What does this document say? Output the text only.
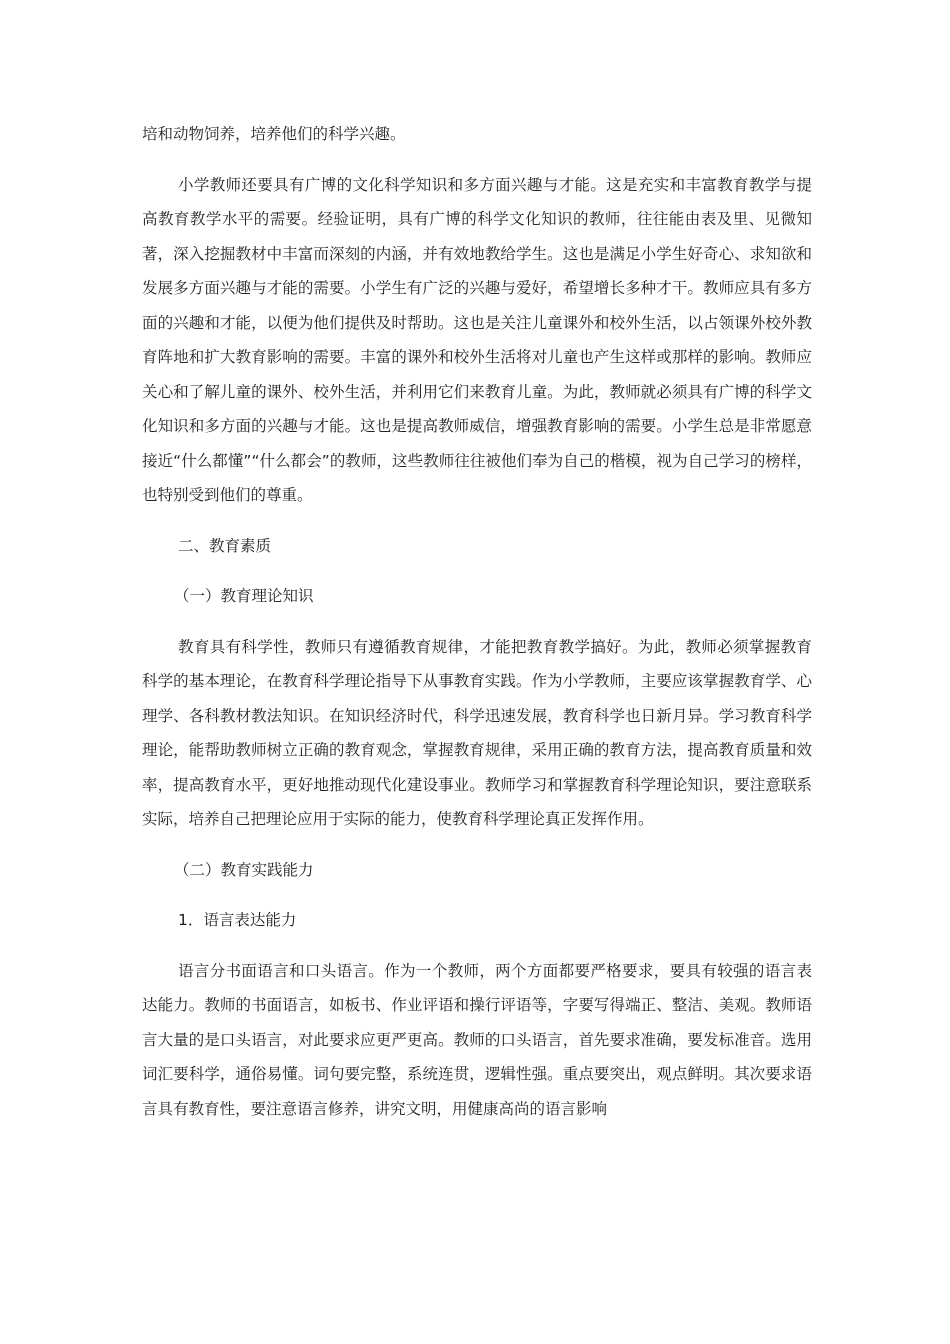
培和动物饲养，培养他们的科学兴趣。

小学教师还要具有广博的文化科学知识和多方面兴趣与才能。这是充实和丰富教育教学与提高教育教学水平的需要。经验证明，具有广博的科学文化知识的教师，往往能由表及里、见微知著，深入挖掘教材中丰富而深刻的内涵，并有效地教给学生。这也是满足小学生好奇心、求知欲和发展多方面兴趣与才能的需要。小学生有广泛的兴趣与爱好，希望增长多种才干。教师应具有多方面的兴趣和才能，以便为他们提供及时帮助。这也是关注儿童课外和校外生活，以占领课外校外教育阵地和扩大教育影响的需要。丰富的课外和校外生活将对儿童也产生这样或那样的影响。教师应关心和了解儿童的课外、校外生活，并利用它们来教育儿童。为此，教师就必须具有广博的科学文化知识和多方面的兴趣与才能。这也是提高教师威信，增强教育影响的需要。小学生总是非常愿意接近“什么都懂”“什么都会”的教师，这些教师往往被他们奉为自己的楷模，视为自己学习的榜样，也特别受到他们的尊重。

二、教育素质

（一）教育理论知识

教育具有科学性，教师只有遵循教育规律，才能把教育教学搞好。为此，教师必须掌握教育科学的基本理论，在教育科学理论指导下从事教育实践。作为小学教师，主要应该掌握教育学、心理学、各科教材教法知识。在知识经济时代，科学迅速发展，教育科学也日新月异。学习教育科学理论，能帮助教师树立正确的教育观念，掌握教育规律，采用正确的教育方法，提高教育质量和效率，提高教育水平，更好地推动现代化建设事业。教师学习和掌握教育科学理论知识，要注意联系实际，培养自己把理论应用于实际的能力，使教育科学理论真正发挥作用。

（二）教育实践能力

1．语言表达能力

语言分书面语言和口头语言。作为一个教师，两个方面都要严格要求，要具有较强的语言表达能力。教师的书面语言，如板书、作业评语和操行评语等，字要写得端正、整洁、美观。教师语言大量的是口头语言，对此要求应更严更高。教师的口头语言，首先要求准确，要发标准音。选用词汇要科学，通俗易懂。词句要完整，系统连贯，逻辑性强。重点要突出，观点鲜明。其次要求语言具有教育性，要注意语言修养，讲究文明，用健康高尚的语言影响
